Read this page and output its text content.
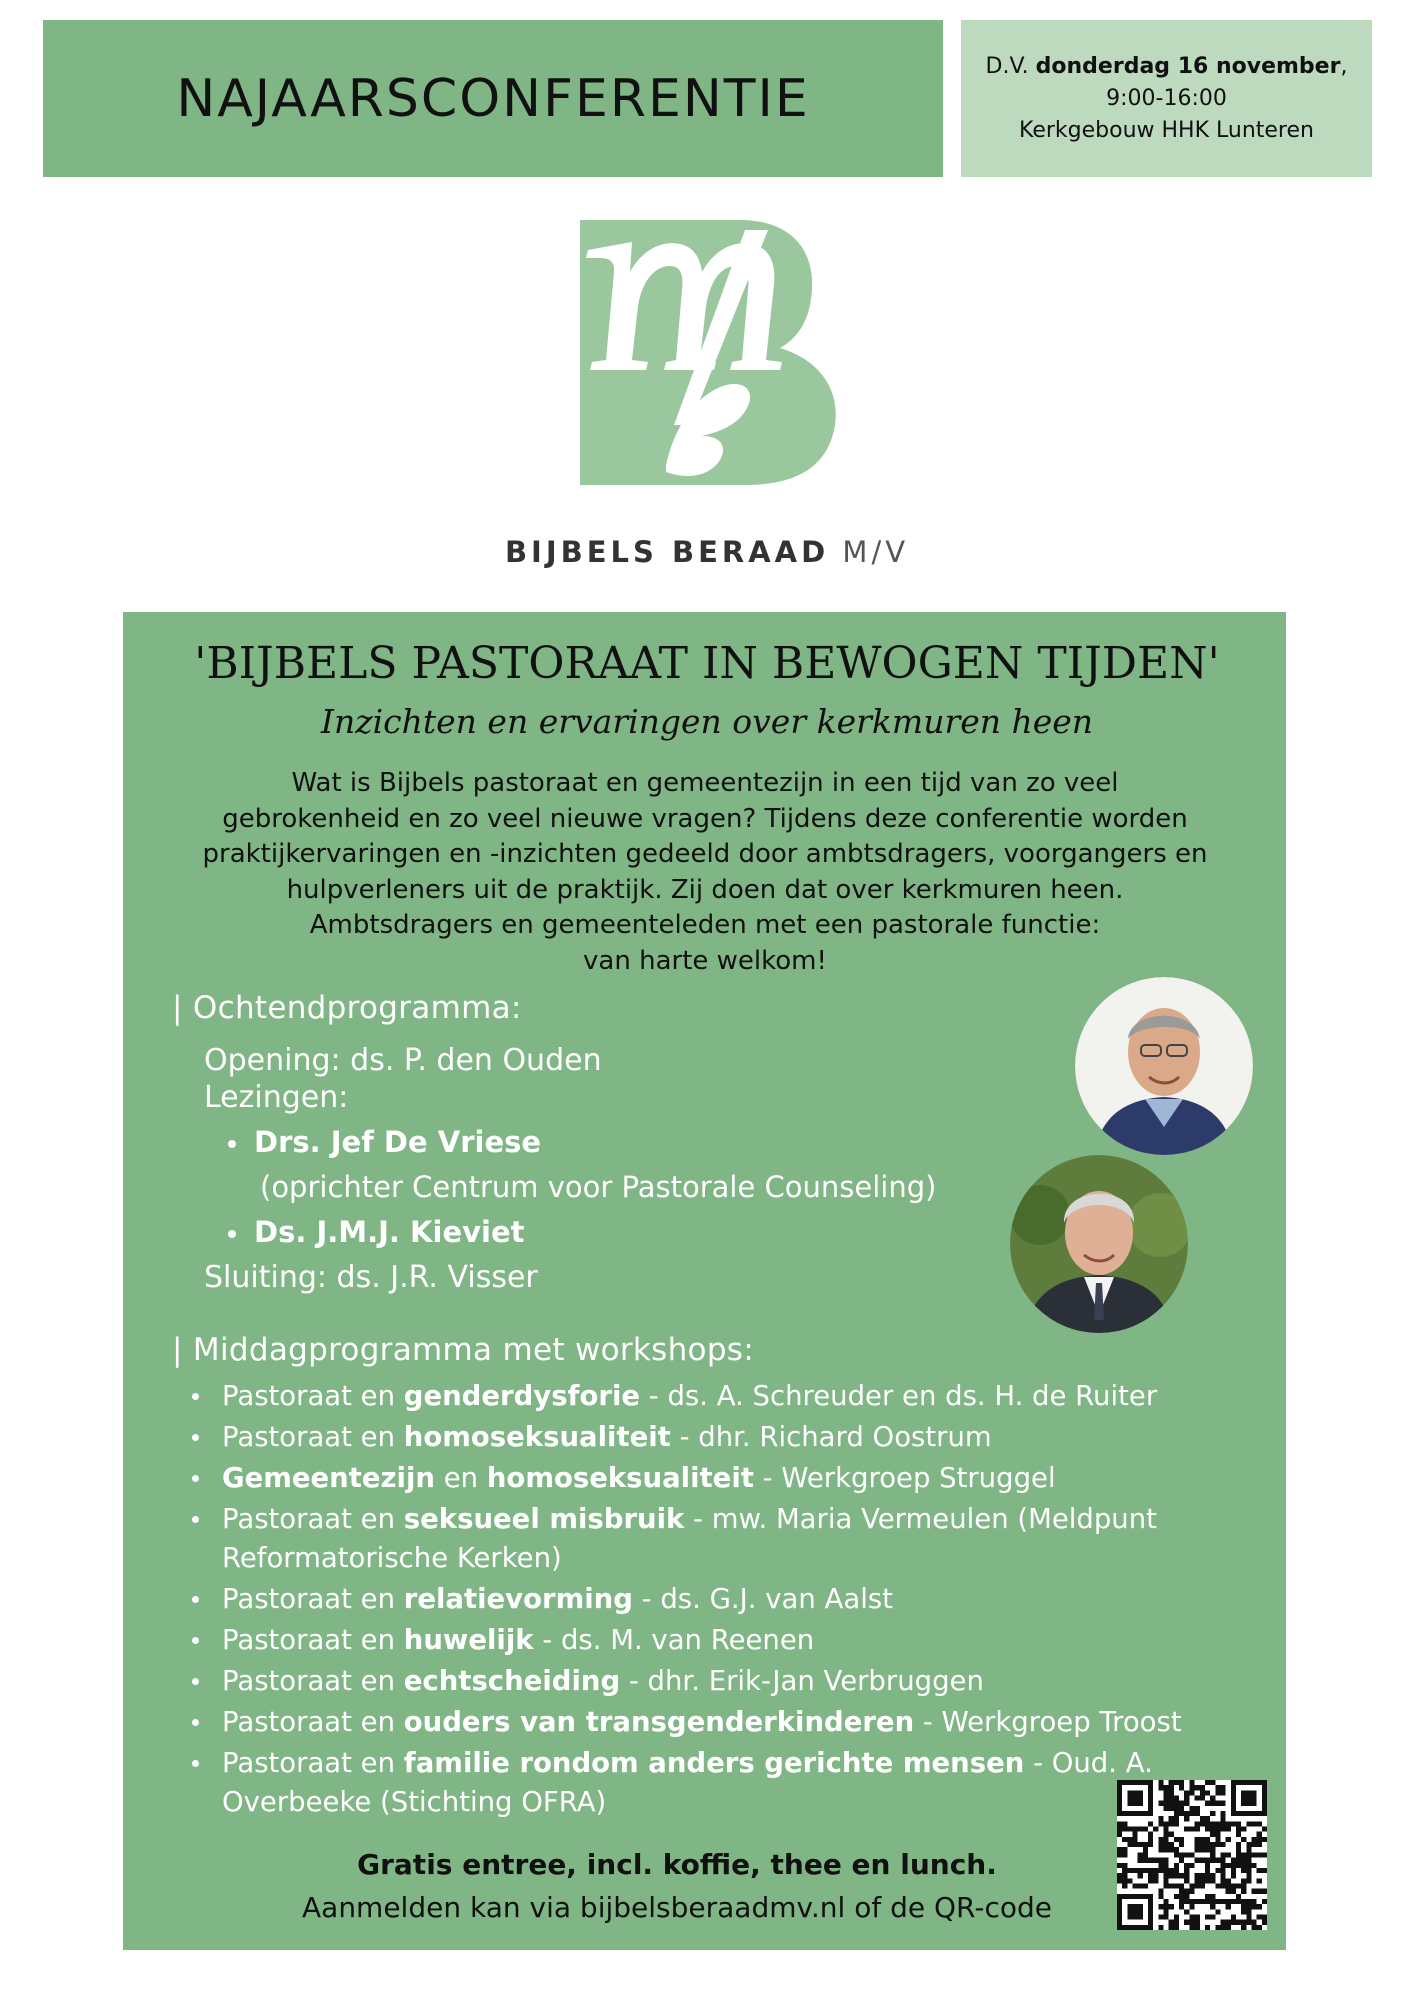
NAJAARSCONFERENTIE
D.V. donderdag 16 november,
9:00-16:00
Kerkgebouw HHK Lunteren
BIJBELS BERAAD M/V
'BIJBELS PASTORAAT IN BEWOGEN TIJDEN'
Inzichten en ervaringen over kerkmuren heen
Wat is Bijbels pastoraat en gemeentezijn in een tijd van zo veel
gebrokenheid en zo veel nieuwe vragen? Tijdens deze conferentie worden
praktijkervaringen en -inzichten gedeeld door ambtsdragers, voorgangers en
hulpverleners uit de praktijk. Zij doen dat over kerkmuren heen.
Ambtsdragers en gemeenteleden met een pastorale functie:
van harte welkom!
| Ochtendprogramma:
Opening: ds. P. den Ouden
Lezingen:
Drs. Jef De Vriese
(oprichter Centrum voor Pastorale Counseling)
Ds. J.M.J. Kieviet
Sluiting: ds. J.R. Visser
| Middagprogramma met workshops:
Pastoraat en genderdysforie - ds. A. Schreuder en ds. H. de Ruiter
Pastoraat en homoseksualiteit - dhr. Richard Oostrum
Gemeentezijn en homoseksualiteit - Werkgroep Struggel
Pastoraat en seksueel misbruik - mw. Maria Vermeulen (Meldpunt Reformatorische Kerken)
Pastoraat en relatievorming - ds. G.J. van Aalst
Pastoraat en huwelijk - ds. M. van Reenen
Pastoraat en echtscheiding - dhr. Erik-Jan Verbruggen
Pastoraat en ouders van transgenderkinderen - Werkgroep Troost
Pastoraat en familie rondom anders gerichte mensen - Oud. A. Overbeeke (Stichting OFRA)
Gratis entree, incl. koffie, thee en lunch.
Aanmelden kan via bijbelsberaadmv.nl of de QR-code
